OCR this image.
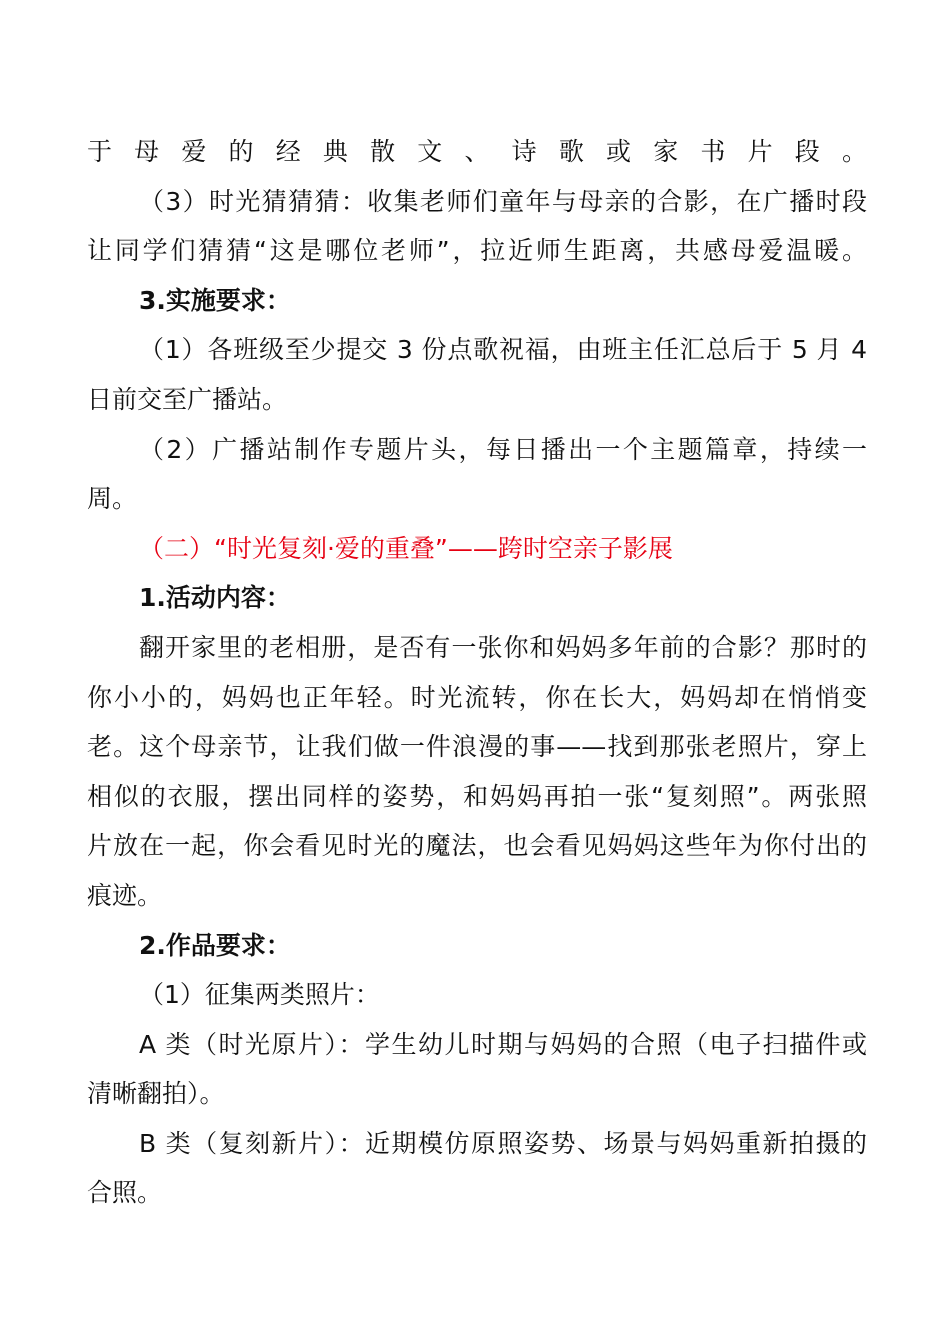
于母爱的经典散文、诗歌或家书片段。
（3）时光猜猜猜：收集老师们童年与母亲的合影，在广播时段
让同学们猜猜“这是哪位老师”，拉近师生距离，共感母爱温暖。
3.实施要求：
（1）各班级至少提交 3 份点歌祝福，由班主任汇总后于 5 月 4
日前交至广播站。
（2）广播站制作专题片头，每日播出一个主题篇章，持续一
周。
（二）“时光复刻·爱的重叠”——跨时空亲子影展
1.活动内容：
翻开家里的老相册，是否有一张你和妈妈多年前的合影？那时的
你小小的，妈妈也正年轻。时光流转，你在长大，妈妈却在悄悄变
老。这个母亲节，让我们做一件浪漫的事——找到那张老照片，穿上
相似的衣服，摆出同样的姿势，和妈妈再拍一张“复刻照”。两张照
片放在一起，你会看见时光的魔法，也会看见妈妈这些年为你付出的
痕迹。
2.作品要求：
（1）征集两类照片：
A 类（时光原片）：学生幼儿时期与妈妈的合照（电子扫描件或
清晰翻拍）。
B 类（复刻新片）：近期模仿原照姿势、场景与妈妈重新拍摄的
合照。
